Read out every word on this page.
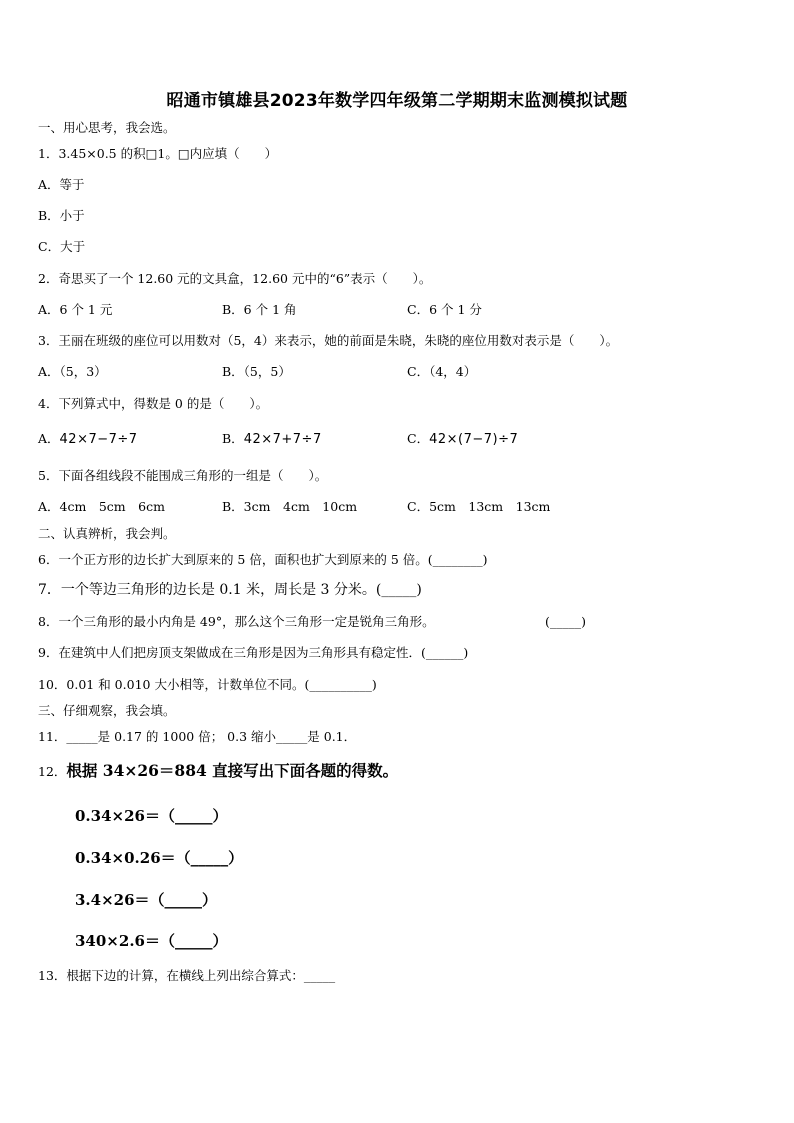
昭通市镇雄县2023年数学四年级第二学期期末监测模拟试题
一、用心思考，我会选。
1．3.45×0.5 的积□1。□内应填（　　）
A．等于
B．小于
C．大于
2．奇思买了一个 12.60 元的文具盒，12.60 元中的“6”表示（　　）。
A．6 个 1 元	B．6 个 1 角	C．6 个 1 分
3．王丽在班级的座位可以用数对（5，4）来表示，她的前面是朱晓，朱晓的座位用数对表示是（　　）。
A．（5，3）	B．（5，5）	C．（4，4）
4．下列算式中，得数是 0 的是（　　）。
A．42×7−7÷7	B．42×7+7÷7	C．42×(7−7)÷7
5．下面各组线段不能围成三角形的一组是（　　）。
A．4cm　5cm　6cm	B．3cm　4cm　10cm	C．5cm　13cm　13cm
二、认真辨析，我会判。
6．一个正方形的边长扩大到原来的 5 倍，面积也扩大到原来的 5 倍。(________)
7．一个等边三角形的边长是 0.1 米，周长是 3 分米。(_____)
8．一个三角形的最小内角是 49°，那么这个三角形一定是锐角三角形。	(_____)
9．在建筑中人们把房顶支架做成在三角形是因为三角形具有稳定性．(______)
10．0.01 和 0.010 大小相等，计数单位不同。(__________)
三、仔细观察，我会填。
11．_____是 0.17 的 1000 倍； 0.3 缩小_____是 0.1．
12．根据 34×26＝884 直接写出下面各题的得数。
0.34×26＝（_____）
0.34×0.26＝（_____）
3.4×26＝（_____）
340×2.6＝（_____）
13．根据下边的计算，在横线上列出综合算式：_____
